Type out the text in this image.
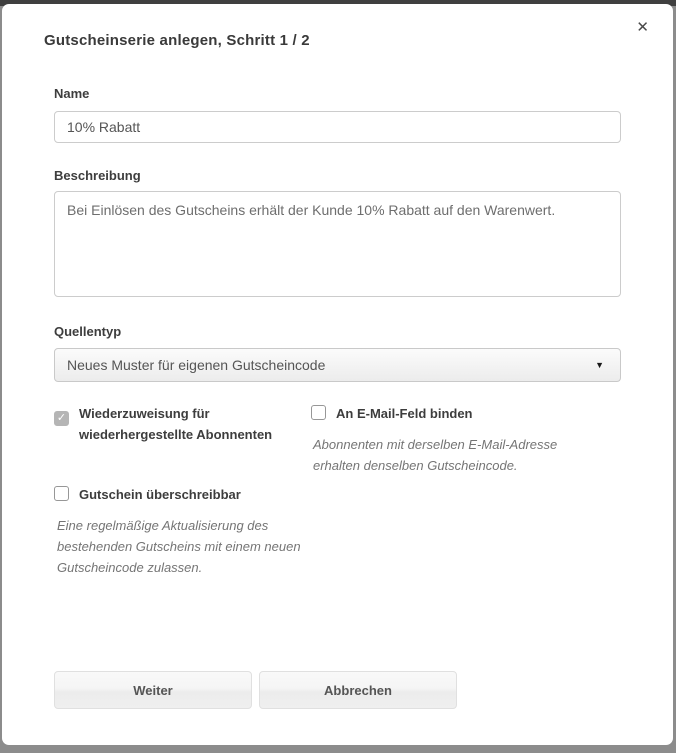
✕
Gutscheinserie anlegen, Schritt 1 / 2
Name
10% Rabatt
Beschreibung
Bei Einlösen des Gutscheins erhält der Kunde 10% Rabatt auf den Warenwert.
Quellentyp
Neues Muster für eigenen Gutscheincode	▼
✓ Wiederzuweisung für wiederhergestellte Abonnenten
An E-Mail-Feld binden
Abonnenten mit derselben E-Mail-Adresse erhalten denselben Gutscheincode.
Gutschein überschreibbar
Eine regelmäßige Aktualisierung des bestehenden Gutscheins mit einem neuen Gutscheincode zulassen.
Weiter	Abbrechen
